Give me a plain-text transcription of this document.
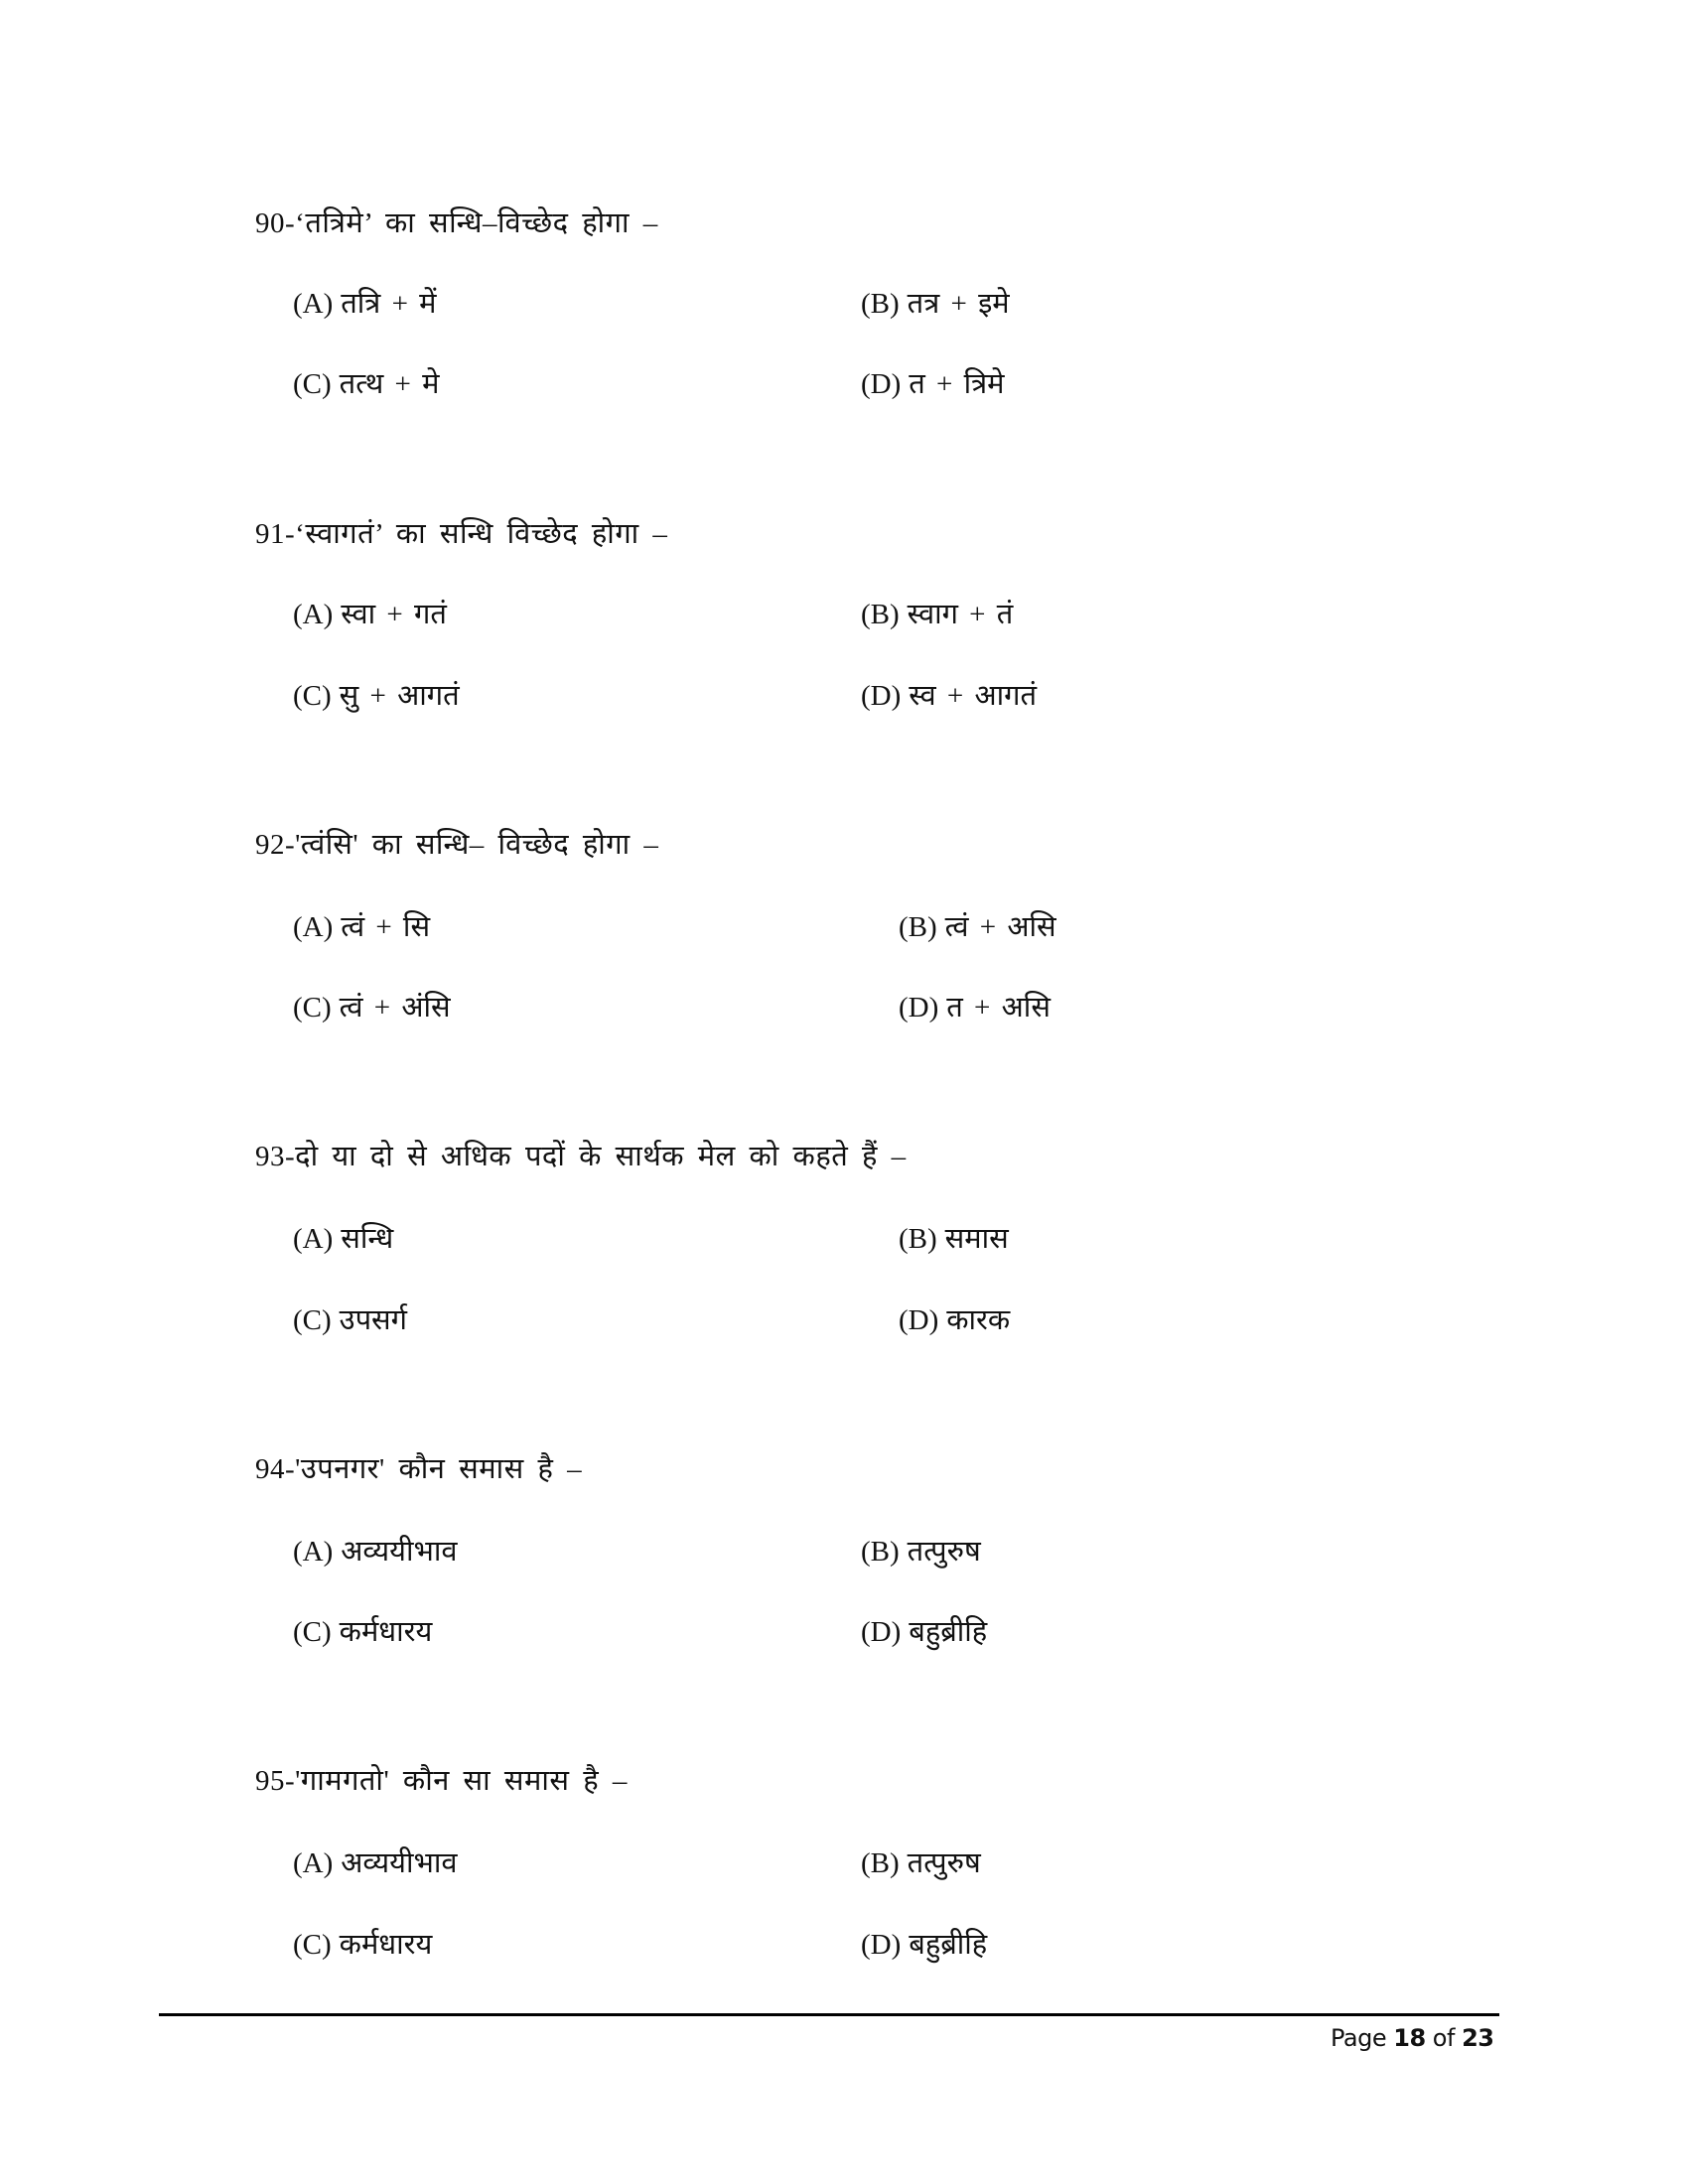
90-‘तत्रिमे’ का सन्धि–विच्छेद होगा –
(A) तत्रि + में	(B) तत्र + इमे
(C) तत्थ + मे	(D) त + त्रिमे
91-‘स्वागतं’ का सन्धि विच्छेद होगा –
(A) स्वा + गतं	(B) स्वाग + तं
(C) सु + आगतं	(D) स्व + आगतं
92-'त्वंसि' का सन्धि– विच्छेद होगा –
(A) त्वं + सि	(B) त्वं + असि
(C) त्वं + अंसि	(D) त + असि
93-दो या दो से अधिक पदों के सार्थक मेल को कहते हैं –
(A) सन्धि	(B) समास
(C) उपसर्ग	(D) कारक
94-'उपनगर' कौन समास है –
(A) अव्ययीभाव	(B) तत्पुरुष
(C) कर्मधारय	(D) बहुब्रीहि
95-'गामगतो' कौन सा समास है –
(A) अव्ययीभाव	(B) तत्पुरुष
(C) कर्मधारय	(D) बहुब्रीहि
Page 18 of 23
